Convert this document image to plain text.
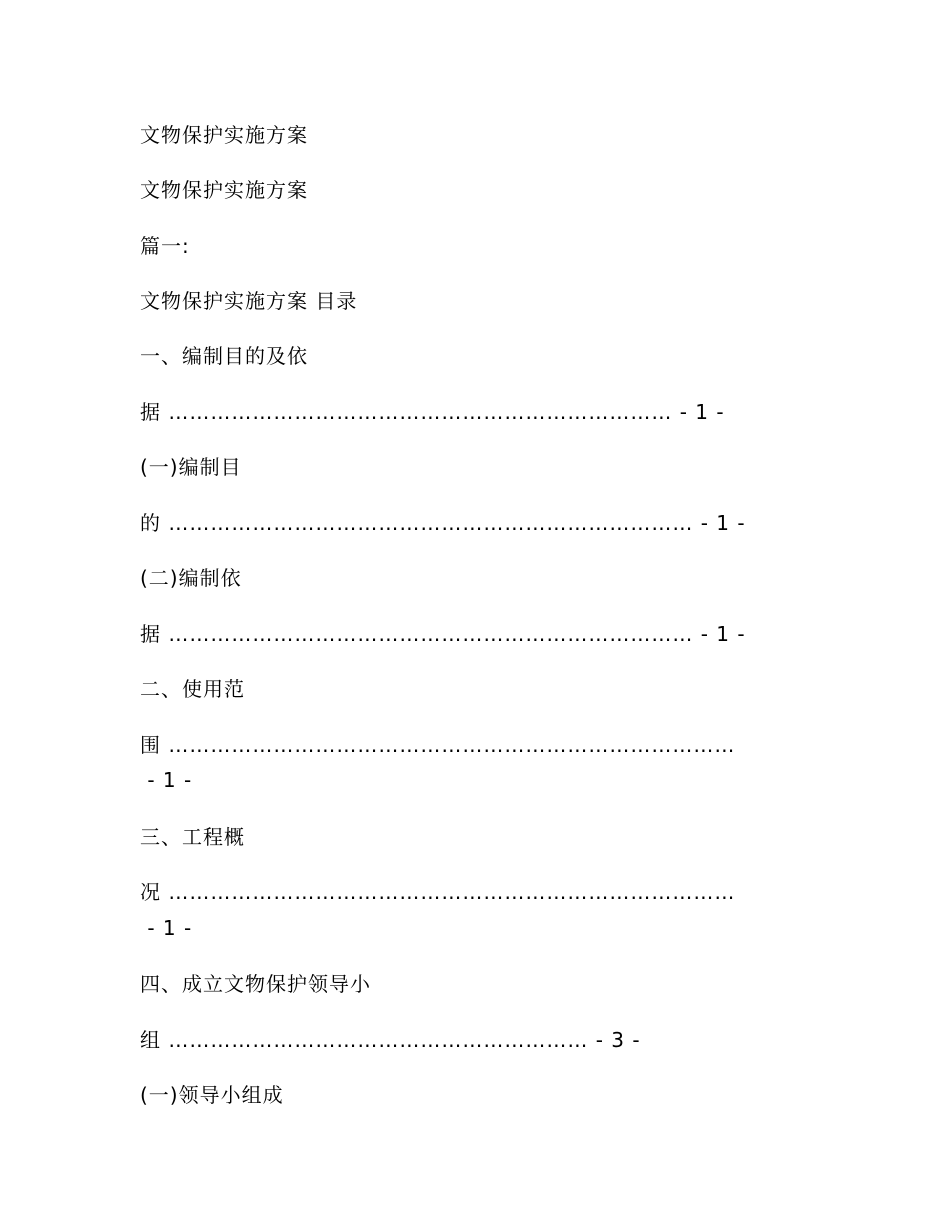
文物保护实施方案
文物保护实施方案
篇一:
文物保护实施方案 目录
一、编制目的及依
据 ……………………………………………………………… - 1 -
(一)编制目
的 ………………………………………………………………… - 1 -
(二)编制依
据 ………………………………………………………………… - 1 -
二、使用范
围 ………………………………………………………………………
- 1 -
三、工程概
况 ………………………………………………………………………
- 1 -
四、成立文物保护领导小
组 …………………………………………………… - 3 -
(一)领导小组成
